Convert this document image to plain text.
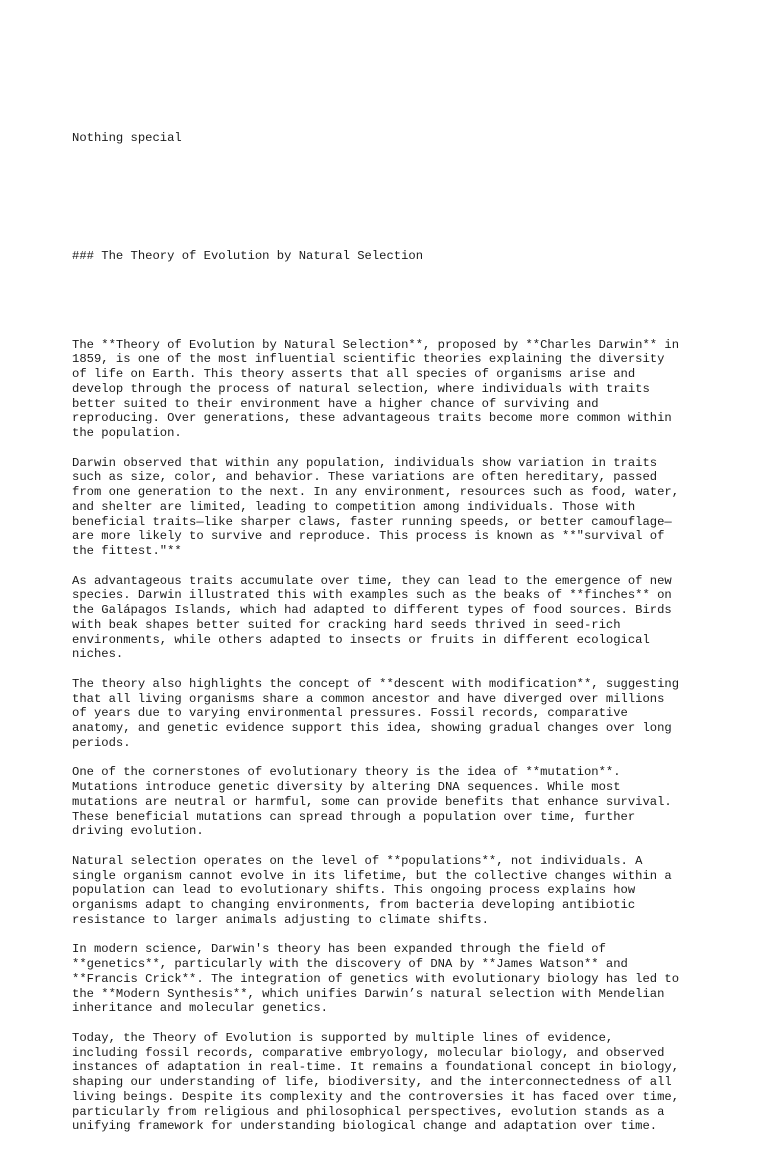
Nothing special

### The Theory of Evolution by Natural Selection

The **Theory of Evolution by Natural Selection**, proposed by **Charles Darwin** in
1859, is one of the most influential scientific theories explaining the diversity
of life on Earth. This theory asserts that all species of organisms arise and
develop through the process of natural selection, where individuals with traits
better suited to their environment have a higher chance of surviving and
reproducing. Over generations, these advantageous traits become more common within
the population.
Darwin observed that within any population, individuals show variation in traits
such as size, color, and behavior. These variations are often hereditary, passed
from one generation to the next. In any environment, resources such as food, water,
and shelter are limited, leading to competition among individuals. Those with
beneficial traits—like sharper claws, faster running speeds, or better camouflage—
are more likely to survive and reproduce. This process is known as **"survival of
the fittest."**
As advantageous traits accumulate over time, they can lead to the emergence of new
species. Darwin illustrated this with examples such as the beaks of **finches** on
the Galápagos Islands, which had adapted to different types of food sources. Birds
with beak shapes better suited for cracking hard seeds thrived in seed-rich
environments, while others adapted to insects or fruits in different ecological
niches.
The theory also highlights the concept of **descent with modification**, suggesting
that all living organisms share a common ancestor and have diverged over millions
of years due to varying environmental pressures. Fossil records, comparative
anatomy, and genetic evidence support this idea, showing gradual changes over long
periods.
One of the cornerstones of evolutionary theory is the idea of **mutation**.
Mutations introduce genetic diversity by altering DNA sequences. While most
mutations are neutral or harmful, some can provide benefits that enhance survival.
These beneficial mutations can spread through a population over time, further
driving evolution.
Natural selection operates on the level of **populations**, not individuals. A
single organism cannot evolve in its lifetime, but the collective changes within a
population can lead to evolutionary shifts. This ongoing process explains how
organisms adapt to changing environments, from bacteria developing antibiotic
resistance to larger animals adjusting to climate shifts.
In modern science, Darwin's theory has been expanded through the field of
**genetics**, particularly with the discovery of DNA by **James Watson** and
**Francis Crick**. The integration of genetics with evolutionary biology has led to
the **Modern Synthesis**, which unifies Darwin’s natural selection with Mendelian
inheritance and molecular genetics.
Today, the Theory of Evolution is supported by multiple lines of evidence,
including fossil records, comparative embryology, molecular biology, and observed
instances of adaptation in real-time. It remains a foundational concept in biology,
shaping our understanding of life, biodiversity, and the interconnectedness of all
living beings. Despite its complexity and the controversies it has faced over time,
particularly from religious and philosophical perspectives, evolution stands as a
unifying framework for understanding biological change and adaptation over time.
